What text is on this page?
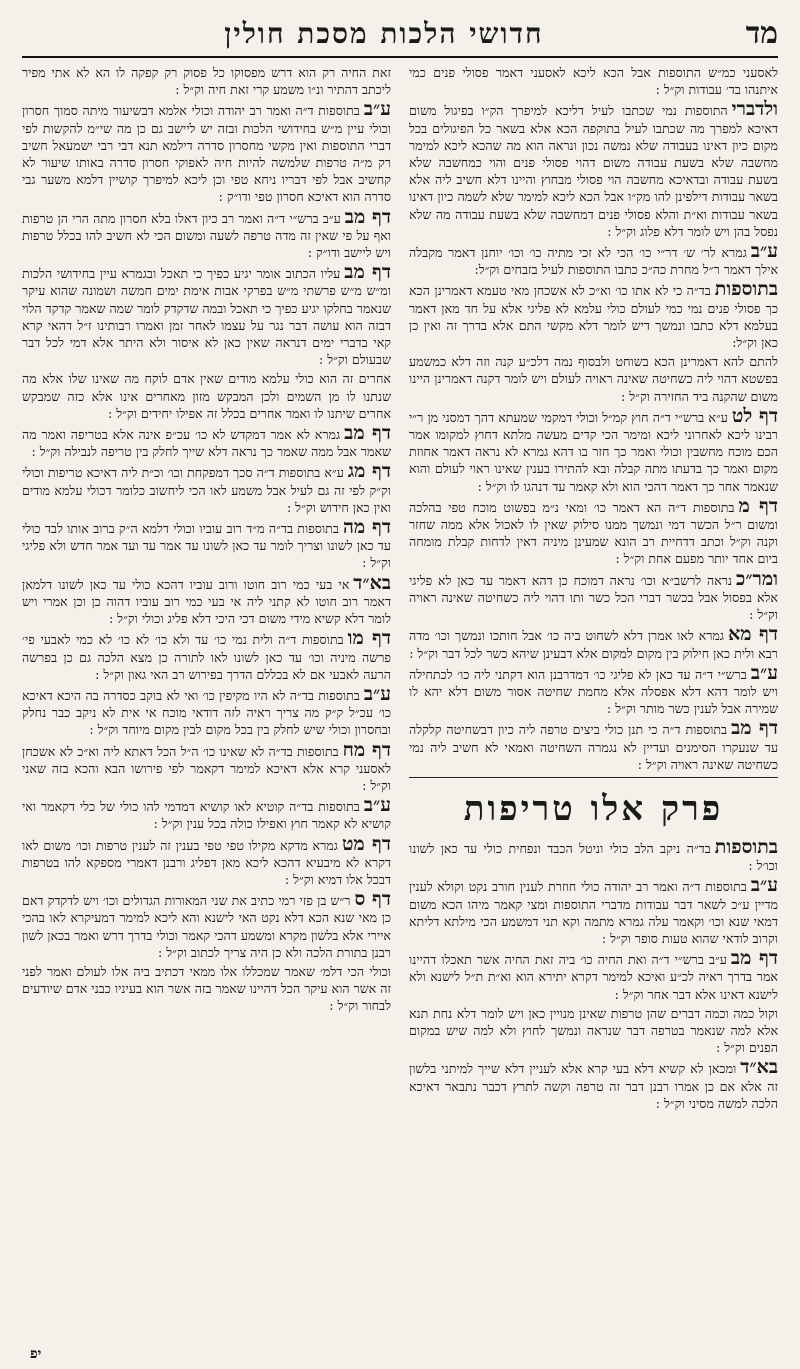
מד
חדושי הלכות מסכת חולין

לאסעני כמ״ש התוספות אבל הכא ליכא לאסעני דאמר פסולי פנים כמי איתנהו בד׳ עבודות וק״ל :

ולדבריהתוספות נמי שכתבו לעיל דליכא למיפרך הק״ו בפיגול משום דאיכא למפרך מה שכתבו לעיל בתוקפה הכא אלא בשאר כל הפיגולים בכל מקום כיון דאינו בעבודה שלא נמשה נכון ונראה הוא מה שהכא ליכא למימר מחשבה שלא בשעת עבודה משום דהוי פסולי פנים והוי כמחשבה שלא בשעת עבודה ובדאיכא מחשבה הוי פסולי מבחוץ והיינו דלא חשיב ליה אלא בשאר עבודות דילפינן להו מק״ו אבל הכא ליכא למימר שלא לשמה כיון דאינו בשאר עבודות וא״ת והלא פסולי פנים דמחשבה שלא בשעת עבודה מה שלא נפסל בהן ויש לומר דלא פלוג וק״ל :

ע״בגמרא לר׳ ש׳ דר״י כו׳ הכי לא זכי מתיה כו׳ וכו׳ יוחנן דאמר מקבלה אילך דאמר ר״ל מחרת כה״כ כתבו התוספות לעיל בזבחים וק״ל:

בתוספותבד״ה כי לא אתו כו׳ וא״כ לא אשכחן מאי טעמא דאמרינן הכא כך פסולי פנים נמי כמי לעולם כולי עלמא לא פליגי אלא על חד מאן דאמר בעלמא דלא כתבו ונמשך דיש לומר דלא מקשי התם אלא בדרך זה ואין כן כאן וק״ל:

להתם להא דאמרינן הכא בשוחט ולבסוף נמה דלכ״ע קנה וזה דלא כמשמע בפשטא דהוי ליה כשחיטה שאינה ראויה לעולם ויש לומר דקנה דאמרינן היינו משום שהקנה ביד החזירה וק״ל :

דף לטע״א ברש״י ד״ה חוץ קמ״ל וכולי דמקמי שמעתא דהך דמסני מן ר״י רבינו ליכא לאחרוני ליכא ומימר הכי קדים מעשה מלתא דחוץ למקומו אמר הכם מוכח מחשבין וכולי ואמר כך חזר בו דהא גמרא לא נראה דאמר אחוזת מקום ואמר כך בדעתו מתה קבלה ובא להתירו בענין שאינו ראוי לעולם והוא שנאמר אחר כך דאמר דהכי הוא ולא קאמר עד דנהגו לו וק״ל :

דף מבתוספות ד״ה הא דאמר כו׳ ומאי נ״מ בפשוט מוכח טפי בהלכה ומשום ר״ל הכשר דמי ונמשך ממנו סילוק שאין לו לאכול אלא ממה שחזר וקנה וק״ל וכתב דדחיית רב הונא שמעינן מיניה דאין לדחות קבלת מומחה ביום אחד יותר מפעם אחת וק״ל :

ומר״כנראה לרשב״א וכו׳ נראה דמוכח כן דהא דאמר עד כאן לא פליגי אלא בפסול אבל בכשר דברי הכל כשר ותו דהוי ליה כשחיטה שאינה ראויה וק״ל :

דף מאגמרא לאו אמרן דלא לשחוט ביה כו׳ אבל חותכו ונמשך וכו׳ מדה רבא ולית כאן חילוק בין מקום למקום אלא דבעינן שיהא כשר לכל דבר וק״ל :

ע״בברש״י ד״ה עד כאן לא פליגי כו׳ דמדרבנן הוא דקתני ליה כו׳ לכתחילה ויש לומר דהא דלא אפסלה אלא מחמת שחיטה אסור משום דלא יהא לו שמירה אבל לענין כשר מותר וק״ל :

דף מבבתוספות ד״ה כי תנן כולי ביצים טרפה ליה כיון דבשחיטה קלקלה עד שנעקרו הסימנים ועדיין לא נגמרה השחיטה ואמאי לא חשיב ליה נמי כשחיטה שאינה ראויה וק״ל :

פרק אלו טריפות

בתוספותבד״ה ניקב הלב כולי וניטל הכבד ונפחית כולי עד כאן לשונו וכו׳ל :

ע״בבתוספות ד״ה ואמר רב יהודה כולי חוזרת לענין חורב נקט וקולא לענין מדיין ע״כ לשאר דבר עבודות מדברי התוספות ומצי קאמר מיהו הכא משום דמאי שנא וכו׳ וקאמר עלה גמרא מתמה וקא תני דמשמע הכי מילתא דליתא וקרוב לודאי שהוא טעות סופר וק״ל :

דף מבע״ב ברש״י ד״ה ואת החיה כו׳ ביה זאת החיה אשר תאכלו דהיינו אמר בדרך ראיה לכ״ע ואיכא למימר דקרא יתירא הוא וא״ת ת״ל לישנא ולא לישנא דאינו אלא דבר אחר וק״ל :

וקול כמה וכמה דברים שהן טרפות שאינן מנויין כאן ויש לומר דלא נחת תנא אלא למה שנאמר בטרפה דבר שנראה ונמשך לחוץ ולא למה שיש במקום הפנים וק״ל :

בא״דומכאן לא קשיא דלא בעי קרא אלא לעניין דלא שייך למיתני בלשון זה אלא אם כן אמרו רבנן דבר זה טרפה וקשה לתרץ דכבר נתבאר דאיכא הלכה למשה מסיני וק״ל :

זאת החיה רק הוא דרש מפסוקו כל פסוק רק קפקה לו הא לא אתי מפיר ליכתב דהתיר ונ״ו משמע קרי זאת חיה וק״ל :

ע״בבתוספות ד״ה ואמר רב יהודה וכולי אלמא דבשיעור מיתה סמוך חסרון וכולי עיין מ״ש בחידושי הלכות ובזה יש ליישב גם כן מה שי״מ להקשות לפי דברי התוספות ואין מקשי מחסרון סדרה דילמא תנא דבי רבי ישמעאל חשיב רק מ״ה טרפות שלמשה להיות חיה לאפוקי חסרון סדרה באותו שיעור לא קחשיב אבל לפי דבריו ניחא טפי וכן ליכא למיפרך קושיין דלמא משער גבי סדרה הוא דאיכא חסרון טפי ודו״ק :

דף מבע״ב ברש״י ד״ה ואמר רב כיון דאלו בלא חסרון מתה הרי הן טרפות ואף על פי שאין זה מדה טרפה לשעה ומשום הכי לא חשיב להו בכלל טרפות ויש ליישב ודו״ק :

דף מבעליו הכתוב אומר יגיע כפיך כי תאכל ובגמרא עיין בחידושי הלכות ומ״ש מ״ש פרשתי מ״ש בפרקי אבות אימת ימים חמשה ושמונה שהוא עיקר שנאמר בחלקו יגיע כפיך כי תאכל ובמה שדקדק לומר שמה שאמר קדקד הלוי דבזה הוא עושה דבר נגר על עצמו לאחר זמן ואמרו רבותינו ז״ל דהאי קרא קאי בדברי ימים דנראה שאין כאן לא איסור ולא היתר אלא דמי לכל דבר שבעולם וק״ל :

אחרים זה הוא כולי עלמא מודים שאין אדם לוקח מה שאינו שלו אלא מה שנתנו לו מן השמים ולכן המבקש מזון מאחרים אינו אלא כזה שמבקש אחרים שיתנו לו ואמר אחרים בכלל זה אפילו יחידים וק״ל :

דף מבגמרא לא אמר דמקדש לא כו׳ עכ״פ אינה אלא בטריפה ואמר מה שאמר אבל ממה שאמר כך נראה דלא שייך לחלק בין טריפה לנבילה וק״ל :

דף מגע״א בתוספות ד״ה סכך דמפקחת וכו׳ וכ״ת ליה דאיכא טריפות וכולי וק״ק לפי זה גם לעיל אבל משמע לאו הכי ליחשוב כלומר דכולי עלמא מודים ואין כאן חידוש וק״ל :

דף מהבתוספות בד״ה מ״ד רוב עוביו וכולי דלמא ה״ק ברוב אותו לבד כולי עד כאן לשונו וצריך לומר עד כאן לשונו עד אמר עד ועד אמר חדש ולא פליגי וק״ל :

בא״דאי בעי כמי רוב חוטו ורוב עוביו דהכא כולי עד כאן לשונו דלמאן דאמר רוב חוטו לא קתני ליה אי בעי כמי רוב עוביו דהוה כן וכן אמרי ויש לומר דלא קשיא מידי משום דכי היכי דלא פליג וכולי וק״ל :

דף מובתוספות ד״ה ולית נמי כו׳ עד ולא כו׳ לא כו׳ לא כמי לאבעי פי׳ פרשה מיניה וכו׳ עד כאן לשונו לאו לתורה כן מצא הלכה גם כן בפרשה הרעה לאבעי אם לא בכללם הדרך בפירוש רב האי גאון וק״ל :

ע״בבתוספות בד״ה לא היו מקיפין כו׳ ואי לא בוקב כסדרה בה היכא דאיכא כו׳ עכ״ל ק״ק מה צריך ראיה לזה דודאי מוכח אי אית לא ניקב כבר נחלק ובחסרון וכולי שיש לחלק בין בכל מקום לבין מקום מיוחד וק״ל :

דף מחבתוספות בד״ה לא שאינו כו׳ ה״ל הכל דאתא ליה וא״כ לא אשכחן לאסעני קרא אלא דאיכא למימר דקאמר לפי פירושו הבא והכא בזה שאני וק״ל :

ע״בבתוספות בד״ה קוטיא לאו קושיא דמדמי להו כולי של כלי דקאמר ואי קושיא לא קאמר חוץ ואפילו כולה בכל ענין וק״ל :

דף מטגמרא מדקא מקילו טפי טפי בענין זה לענין טרפות וכו׳ משום לאו דקרא לא מיבעיא דהכא ליכא מאן דפליג ורבנן דאמרי מספקא להו בטרפות דבכל אלו דמיא וק״ל :

דף סר״ש בן פזי רמי כתיב את שני המאורות הגדולים וכו׳ ויש לדקדק דאם כן מאי שנא הכא דלא נקט האי לישנא והא ליכא למימר דמעיקרא לאו בהכי איירי אלא בלשון מקרא ומשמע דהכי קאמר וכולי בדרך דרש ואמר בכאן לשון רבנן בתורת הלכה ולא כן היה צריך לכתוב וק״ל :

וכולי הכי דלמ׳ שאמר שמכללו אלו ממאי דכתיב ביה אלו לעולם ואמר לפני זה אשר הוא עיקר הכל דהיינו שאמר בזה אשר הוא בעיניו כבני אדם שיודעים לבחור וק״ל :

יפ
